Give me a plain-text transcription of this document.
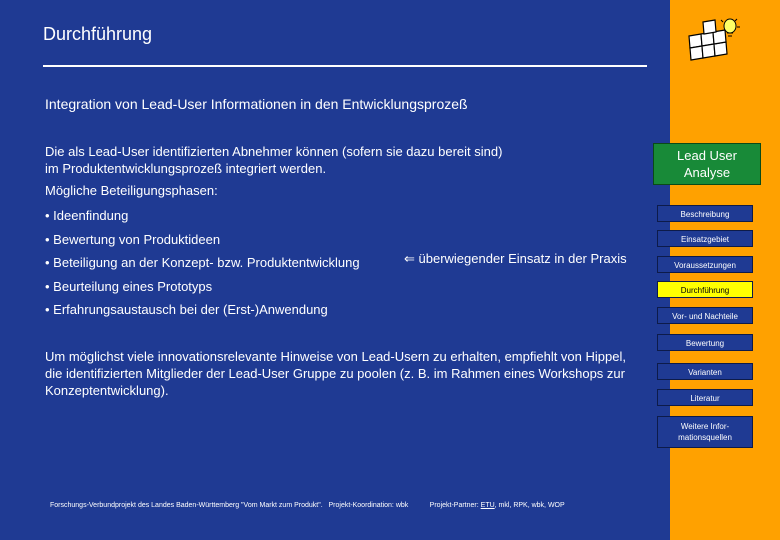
Durchführung
Integration von Lead-User Informationen in den Entwicklungsprozeß
Die als Lead-User identifizierten Abnehmer können (sofern sie dazu bereit sind)
im Produktentwicklungsprozeß integriert werden.
Mögliche Beteiligungsphasen:
• Ideenfindung
• Bewertung von Produktideen
• Beteiligung an der Konzept- bzw. Produktentwicklung
• Beurteilung eines Prototyps
• Erfahrungsaustausch bei der (Erst-)Anwendung
⇐ überwiegender Einsatz in der Praxis
Um möglichst viele innovationsrelevante Hinweise von Lead-Usern zu erhalten, empfiehlt von Hippel, die identifizierten Mitglieder der Lead-User Gruppe zu poolen (z. B. im Rahmen eines Workshops zur Konzeptentwicklung).
Forschungs-Verbundprojekt des Landes Baden-Württemberg "Vom Markt zum Produkt". Projekt-Koordination: wbk	Projekt-Partner: ETU, mkl, RPK, wbk, WOP
Lead User
Analyse
Beschreibung
Einsatzgebiet
Voraussetzungen
Durchführung
Vor- und Nachteile
Bewertung
Varianten
Literatur
Weitere Infor-
mationsquellen
